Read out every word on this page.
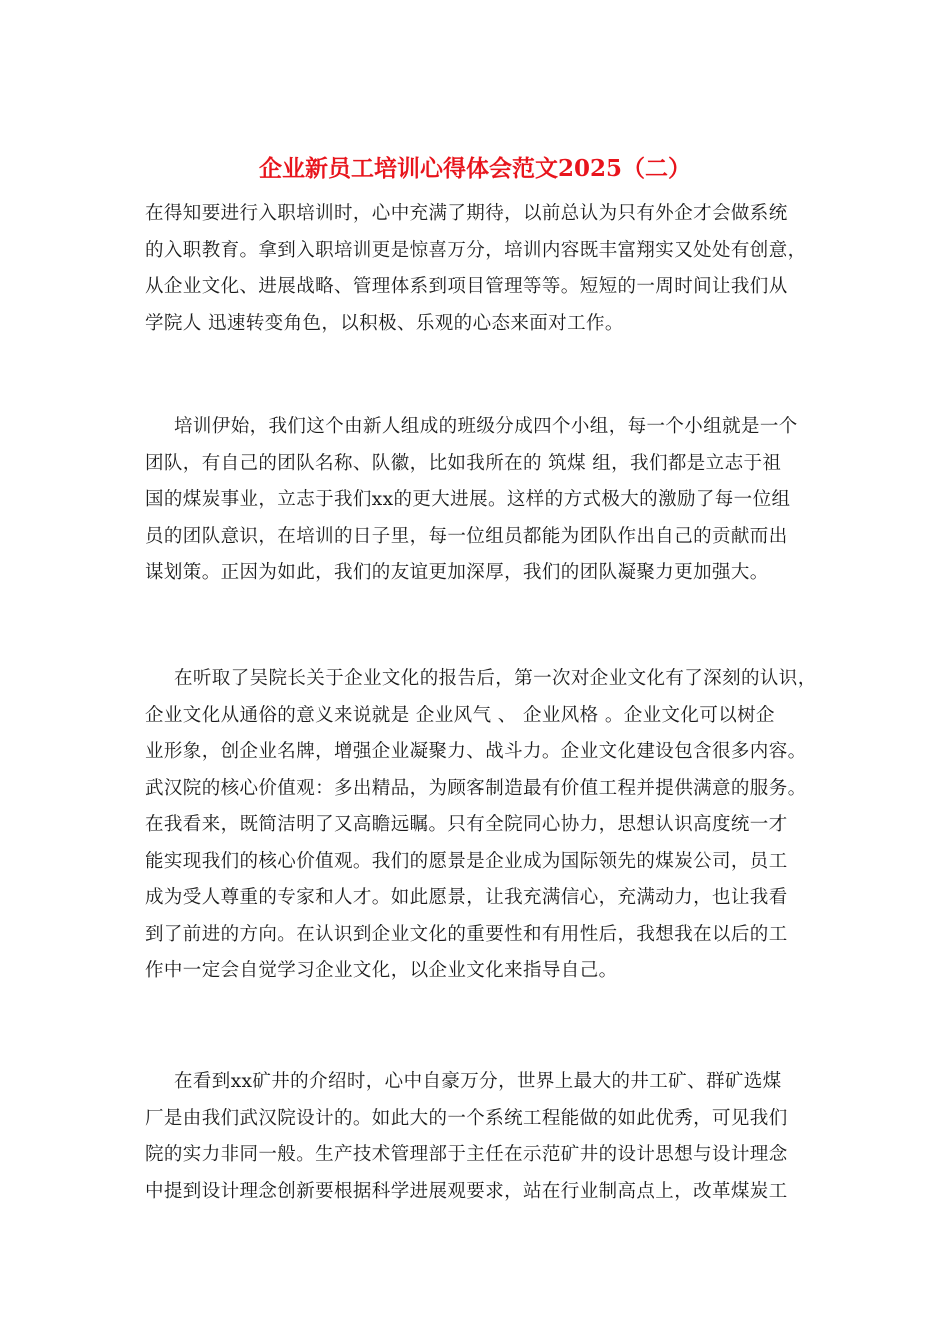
企业新员工培训心得体会范文2025（二）

在得知要进行入职培训时，心中充满了期待，以前总认为只有外企才会做系统
的入职教育。拿到入职培训更是惊喜万分，培训内容既丰富翔实又处处有创意，
从企业文化、进展战略、管理体系到项目管理等等。短短的一周时间让我们从
学院人 迅速转变角色，以积极、乐观的心态来面对工作。

培训伊始，我们这个由新人组成的班级分成四个小组，每一个小组就是一个
团队，有自己的团队名称、队徽，比如我所在的 筑煤 组，我们都是立志于祖
国的煤炭事业，立志于我们xx的更大进展。这样的方式极大的激励了每一位组
员的团队意识，在培训的日子里，每一位组员都能为团队作出自己的贡献而出
谋划策。正因为如此，我们的友谊更加深厚，我们的团队凝聚力更加强大。

在听取了吴院长关于企业文化的报告后，第一次对企业文化有了深刻的认识，
企业文化从通俗的意义来说就是 企业风气 、 企业风格 。企业文化可以树企
业形象，创企业名牌，增强企业凝聚力、战斗力。企业文化建设包含很多内容。
武汉院的核心价值观：多出精品，为顾客制造最有价值工程并提供满意的服务。
在我看来，既简洁明了又高瞻远瞩。只有全院同心协力，思想认识高度统一才
能实现我们的核心价值观。我们的愿景是企业成为国际领先的煤炭公司，员工
成为受人尊重的专家和人才。如此愿景，让我充满信心，充满动力，也让我看
到了前进的方向。在认识到企业文化的重要性和有用性后，我想我在以后的工
作中一定会自觉学习企业文化，以企业文化来指导自己。

在看到xx矿井的介绍时，心中自豪万分，世界上最大的井工矿、群矿选煤
厂是由我们武汉院设计的。如此大的一个系统工程能做的如此优秀，可见我们
院的实力非同一般。生产技术管理部于主任在示范矿井的设计思想与设计理念
中提到设计理念创新要根据科学进展观要求，站在行业制高点上，改革煤炭工
